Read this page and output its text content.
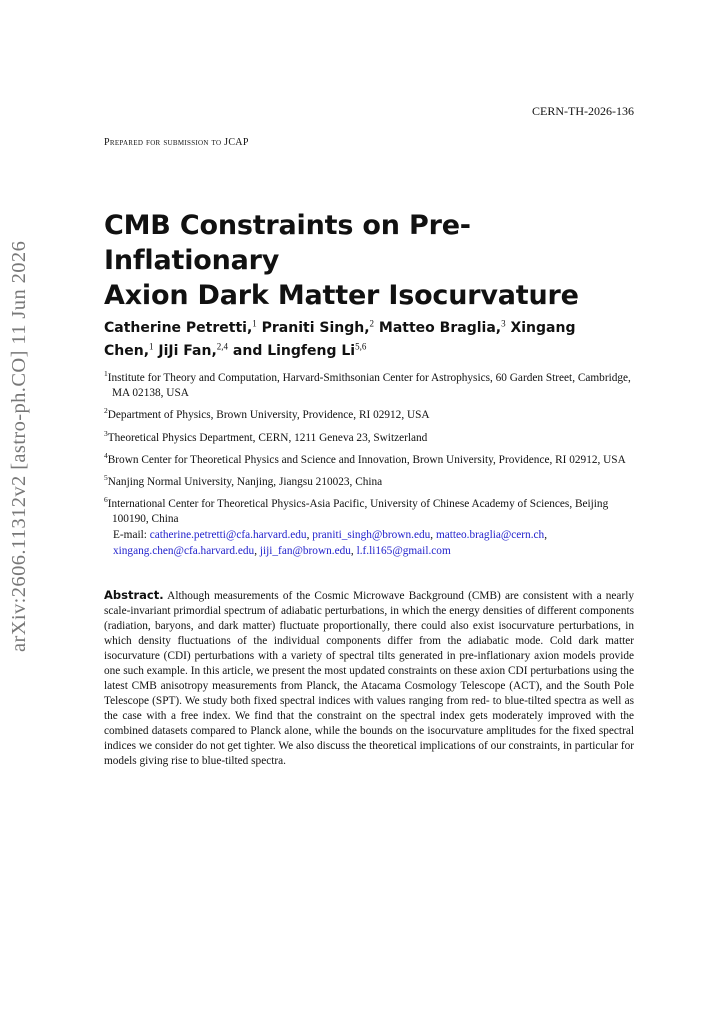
CERN-TH-2026-136
Prepared for submission to JCAP
CMB Constraints on Pre-Inflationary
Axion Dark Matter Isocurvature
Catherine Petretti,$^1$ Praniti Singh,$^2$ Matteo Braglia,$^3$ Xingang Chen,$^1$ JiJi Fan,$^{2,4}$ and Lingfeng Li$^{5,6}$
$^1$Institute for Theory and Computation, Harvard-Smithsonian Center for Astrophysics, 60 Garden Street, Cambridge, MA 02138, USA
$^2$Department of Physics, Brown University, Providence, RI 02912, USA
$^3$Theoretical Physics Department, CERN, 1211 Geneva 23, Switzerland
$^4$Brown Center for Theoretical Physics and Science and Innovation, Brown University, Providence, RI 02912, USA
$^5$Nanjing Normal University, Nanjing, Jiangsu 210023, China
$^6$International Center for Theoretical Physics-Asia Pacific, University of Chinese Academy of Sciences, Beijing 100190, China
E-mail: catherine.petretti@cfa.harvard.edu, praniti_singh@brown.edu, matteo.braglia@cern.ch, xingang.chen@cfa.harvard.edu, jiji_fan@brown.edu, l.f.li165@gmail.com
Abstract. Although measurements of the Cosmic Microwave Background (CMB) are consistent with a nearly scale-invariant primordial spectrum of adiabatic perturbations, in which the energy densities of different components (radiation, baryons, and dark matter) fluctuate proportionally, there could also exist isocurvature perturbations, in which density fluctuations of the individual components differ from the adiabatic mode. Cold dark matter isocurvature (CDI) perturbations with a variety of spectral tilts generated in pre-inflationary axion models provide one such example. In this article, we present the most updated constraints on these axion CDI perturbations using the latest CMB anisotropy measurements from Planck, the Atacama Cosmology Telescope (ACT), and the South Pole Telescope (SPT). We study both fixed spectral indices with values ranging from red- to blue-tilted spectra as well as the case with a free index. We find that the constraint on the spectral index gets moderately improved with the combined datasets compared to Planck alone, while the bounds on the isocurvature amplitudes for the fixed spectral indices we consider do not get tighter. We also discuss the theoretical implications of our constraints, in particular for models giving rise to blue-tilted spectra.
arXiv:2606.11312v2 [astro-ph.CO] 11 Jun 2026
